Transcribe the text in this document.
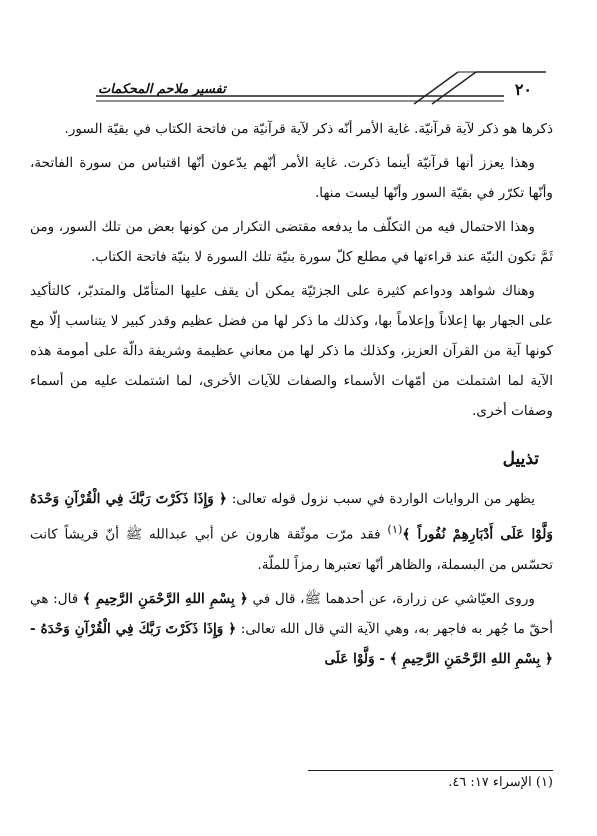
٢٠
تفسير ملاحم المحكمات

ذكرها هو ذكر لآية قرآنيّة. غاية الأمر أنّه ذكر لآية قرآنيّة من فاتحة الكتاب في بقيّة السور.

وهذا يعزز أنها قرآنيّة أينما ذكرت. غاية الأمر أنّهم يدّعون أنّها اقتباس من سورة الفاتحة، وأنّها تكرّر في بقيّة السور وأنّها ليست منها.

وهذا الاحتمال فيه من التكلّف ما يدفعه مقتضى التكرار من كونها بعض من تلك السور، ومن ثَمَّ تكون النيّة عند قراءتها في مطلع كلّ سورة بنيّة تلك السورة لا بنيّة فاتحة الكتاب.

وهناك شواهد ودواعم كثيرة على الجزئيّة يمكن أن يقف عليها المتأمّل والمتدبّر، كالتأكيد على الجهار بها إعلاناً وإعلاماً بها، وكذلك ما ذكر لها من فضل عظيم وقدر كبير لا يتناسب إلّا مع كونها آية من القرآن العزيز، وكذلك ما ذكر لها من معاني عظيمة وشريفة دالّة على أمومة هذه الآية لما اشتملت من أمّهات الأسماء والصفات للآيات الأخرى، لما اشتملت عليه من أسماء وصفات أخرى.

تذييل

يظهر من الروايات الواردة في سبب نزول قوله تعالى: ﴿ وَإِذَا ذَكَرْتَ رَبَّكَ فِي الْقُرْآنِ وَحْدَهُ وَلَّوْا عَلَى أَدْبَارِهِمْ نُفُوراً ﴾$^{(١)}$ فقد مرّت موثّقة هارون عن أبي عبدالله ﷺ أنّ قريشاً كانت تحسّس من البسملة، والظاهر أنّها تعتبرها رمزاً للملّة.

وروى العيّاشي عن زرارة، عن أحدهما ﷺ، قال في ﴿ بِسْمِ اللهِ الرَّحْمَنِ الرَّحِيمِ ﴾ قال: هي أحقّ ما جُهر به فاجهر به، وهي الآية التي قال الله تعالى: ﴿ وَإِذَا ذَكَرْتَ رَبَّكَ فِي الْقُرْآنِ وَحْدَهُ - ﴿ بِسْمِ اللهِ الرَّحْمَنِ الرَّحِيمِ ﴾ - وَلَّوْا عَلَى

(١) الإسراء ١٧: ٤٦.
